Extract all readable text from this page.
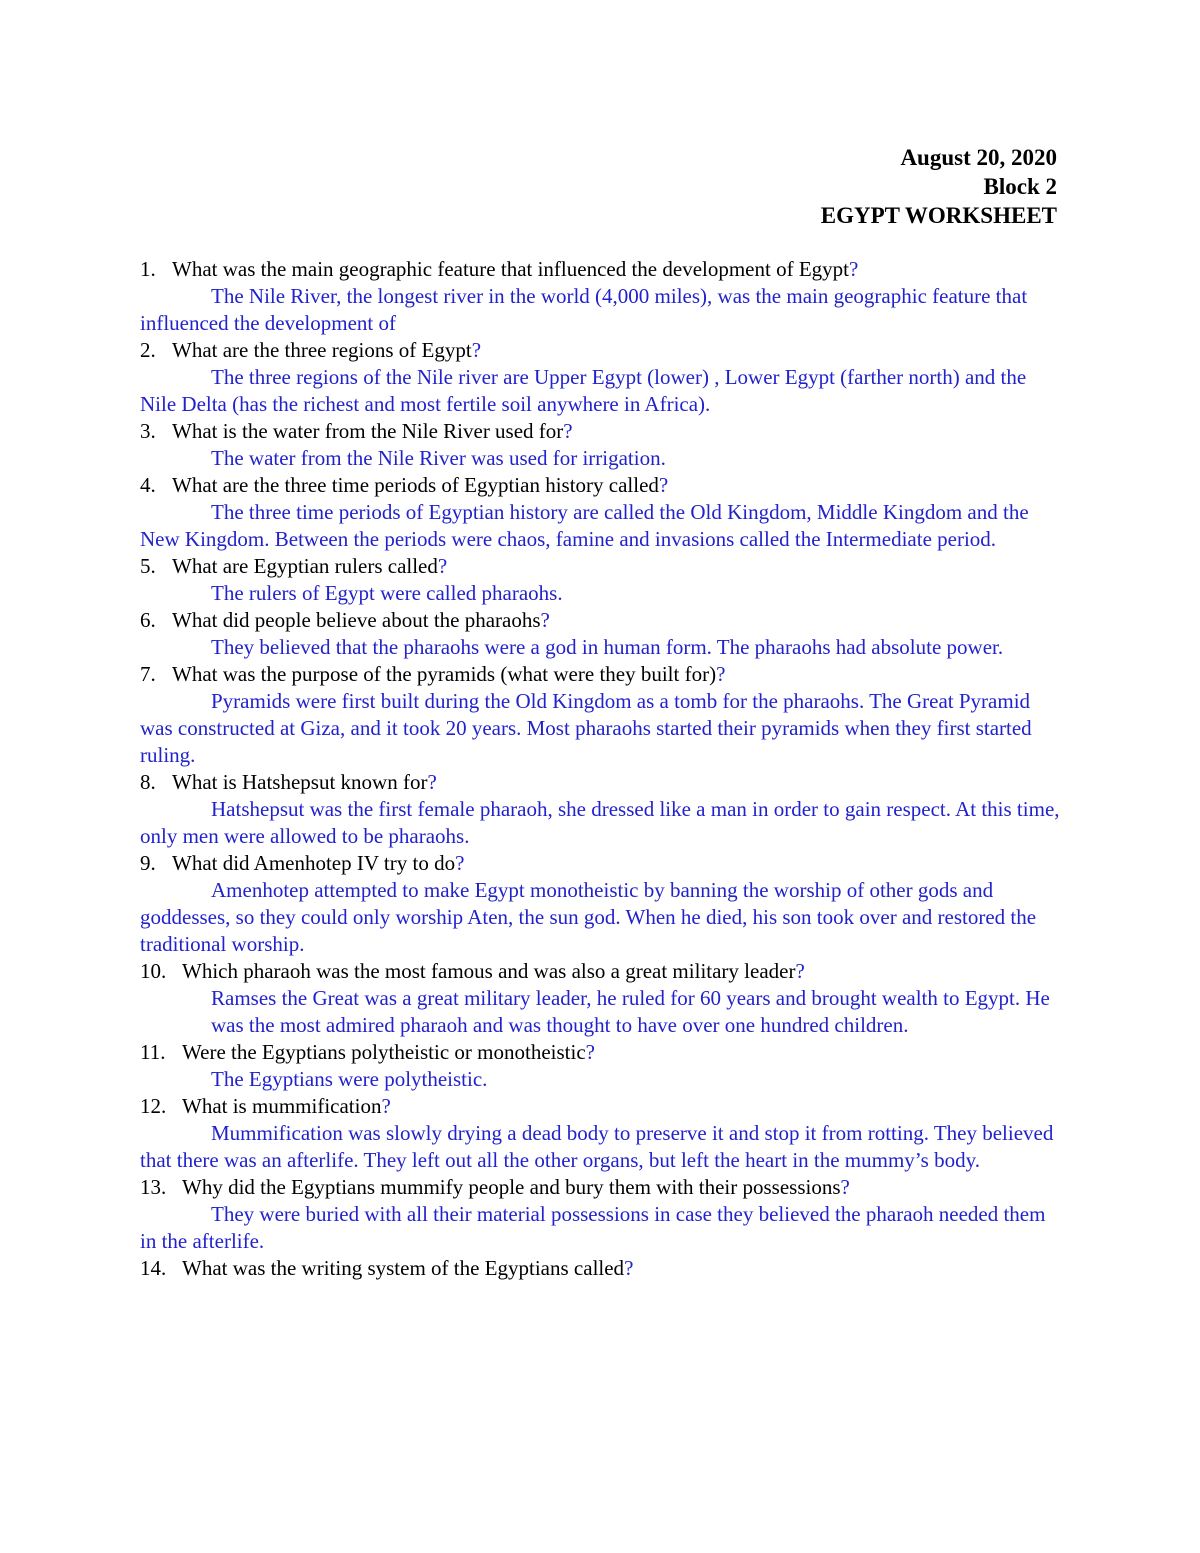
August 20, 2020
Block 2
EGYPT WORKSHEET
1. What was the main geographic feature that influenced the development of Egypt?
The Nile River, the longest river in the world (4,000 miles), was the main geographic feature that influenced the development of
2. What are the three regions of Egypt?
The three regions of the Nile river are Upper Egypt (lower) , Lower Egypt (farther north) and the Nile Delta (has the richest and most fertile soil anywhere in Africa).
3. What is the water from the Nile River used for?
The water from the Nile River was used for irrigation.
4. What are the three time periods of Egyptian history called?
The three time periods of Egyptian history are called the Old Kingdom, Middle Kingdom and the New Kingdom. Between the periods were chaos, famine and invasions called the Intermediate period.
5. What are Egyptian rulers called?
The rulers of Egypt were called pharaohs.
6. What did people believe about the pharaohs?
They believed that the pharaohs were a god in human form. The pharaohs had absolute power.
7. What was the purpose of the pyramids (what were they built for)?
Pyramids were first built during the Old Kingdom as a tomb for the pharaohs. The Great Pyramid was constructed at Giza, and it took 20 years. Most pharaohs started their pyramids when they first started ruling.
8. What is Hatshepsut known for?
Hatshepsut was the first female pharaoh, she dressed like a man in order to gain respect. At this time, only men were allowed to be pharaohs.
9. What did Amenhotep IV try to do?
Amenhotep attempted to make Egypt monotheistic by banning the worship of other gods and goddesses, so they could only worship Aten, the sun god. When he died, his son took over and restored the traditional worship.
10. Which pharaoh was the most famous and was also a great military leader?
Ramses the Great was a great military leader, he ruled for 60 years and brought wealth to Egypt. He was the most admired pharaoh and was thought to have over one hundred children.
11. Were the Egyptians polytheistic or monotheistic?
The Egyptians were polytheistic.
12. What is mummification?
Mummification was slowly drying a dead body to preserve it and stop it from rotting. They believed that there was an afterlife. They left out all the other organs, but left the heart in the mummy’s body.
13. Why did the Egyptians mummify people and bury them with their possessions?
They were buried with all their material possessions in case they believed the pharaoh needed them in the afterlife.
14. What was the writing system of the Egyptians called?
